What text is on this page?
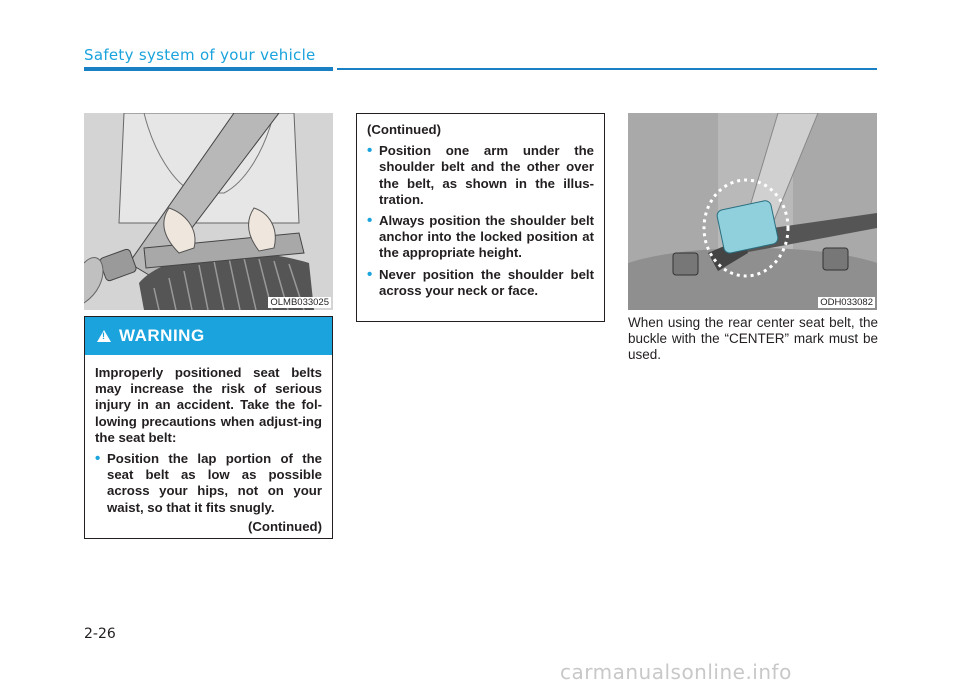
Safety system of your vehicle
OLMB033025
!
WARNING

Improperly positioned seat belts may increase the risk of serious injury in an accident. Take the fol-lowing precautions when adjust-ing the seat belt:

• Position the lap portion of the seat belt as low as possible across your hips, not on your waist, so that it fits snugly.
(Continued)

(Continued)

• Position one arm under the shoulder belt and the other over the belt, as shown in the illus-tration.
• Always position the shoulder belt anchor into the locked position at the appropriate height.
• Never position the shoulder belt across your neck or face.
ODH033082
When using the rear center seat belt, the buckle with the “CENTER” mark must be used.
2-26
carmanualsonline.info
